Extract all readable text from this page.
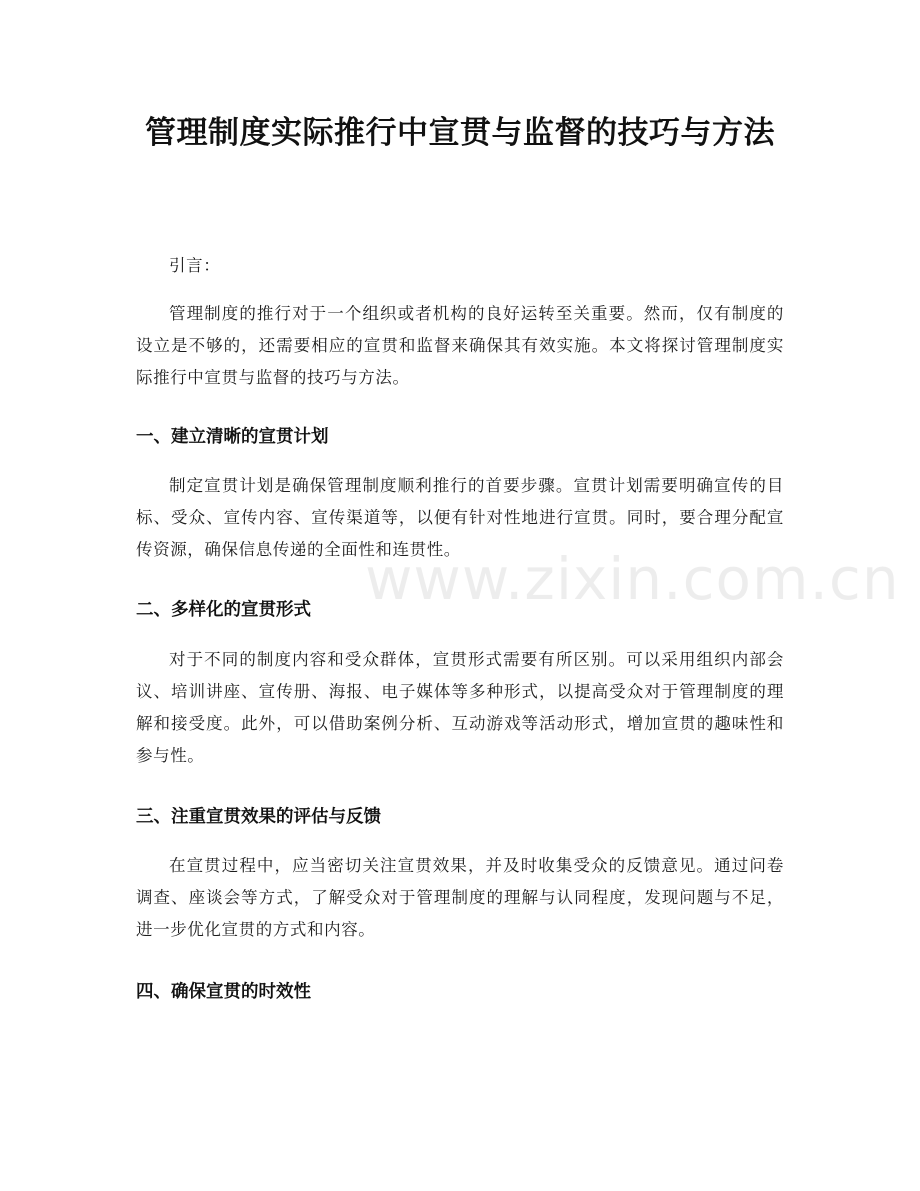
管理制度实际推行中宣贯与监督的技巧与方法

引言：

管理制度的推行对于一个组织或者机构的良好运转至关重要。然而，仅有制度的设立是不够的，还需要相应的宣贯和监督来确保其有效实施。本文将探讨管理制度实际推行中宣贯与监督的技巧与方法。

一、建立清晰的宣贯计划

制定宣贯计划是确保管理制度顺利推行的首要步骤。宣贯计划需要明确宣传的目标、受众、宣传内容、宣传渠道等，以便有针对性地进行宣贯。同时，要合理分配宣传资源，确保信息传递的全面性和连贯性。

二、多样化的宣贯形式

对于不同的制度内容和受众群体，宣贯形式需要有所区别。可以采用组织内部会议、培训讲座、宣传册、海报、电子媒体等多种形式，以提高受众对于管理制度的理解和接受度。此外，可以借助案例分析、互动游戏等活动形式，增加宣贯的趣味性和参与性。

三、注重宣贯效果的评估与反馈

在宣贯过程中，应当密切关注宣贯效果，并及时收集受众的反馈意见。通过问卷调查、座谈会等方式，了解受众对于管理制度的理解与认同程度，发现问题与不足，进一步优化宣贯的方式和内容。

四、确保宣贯的时效性
www.zixin.com.cn
